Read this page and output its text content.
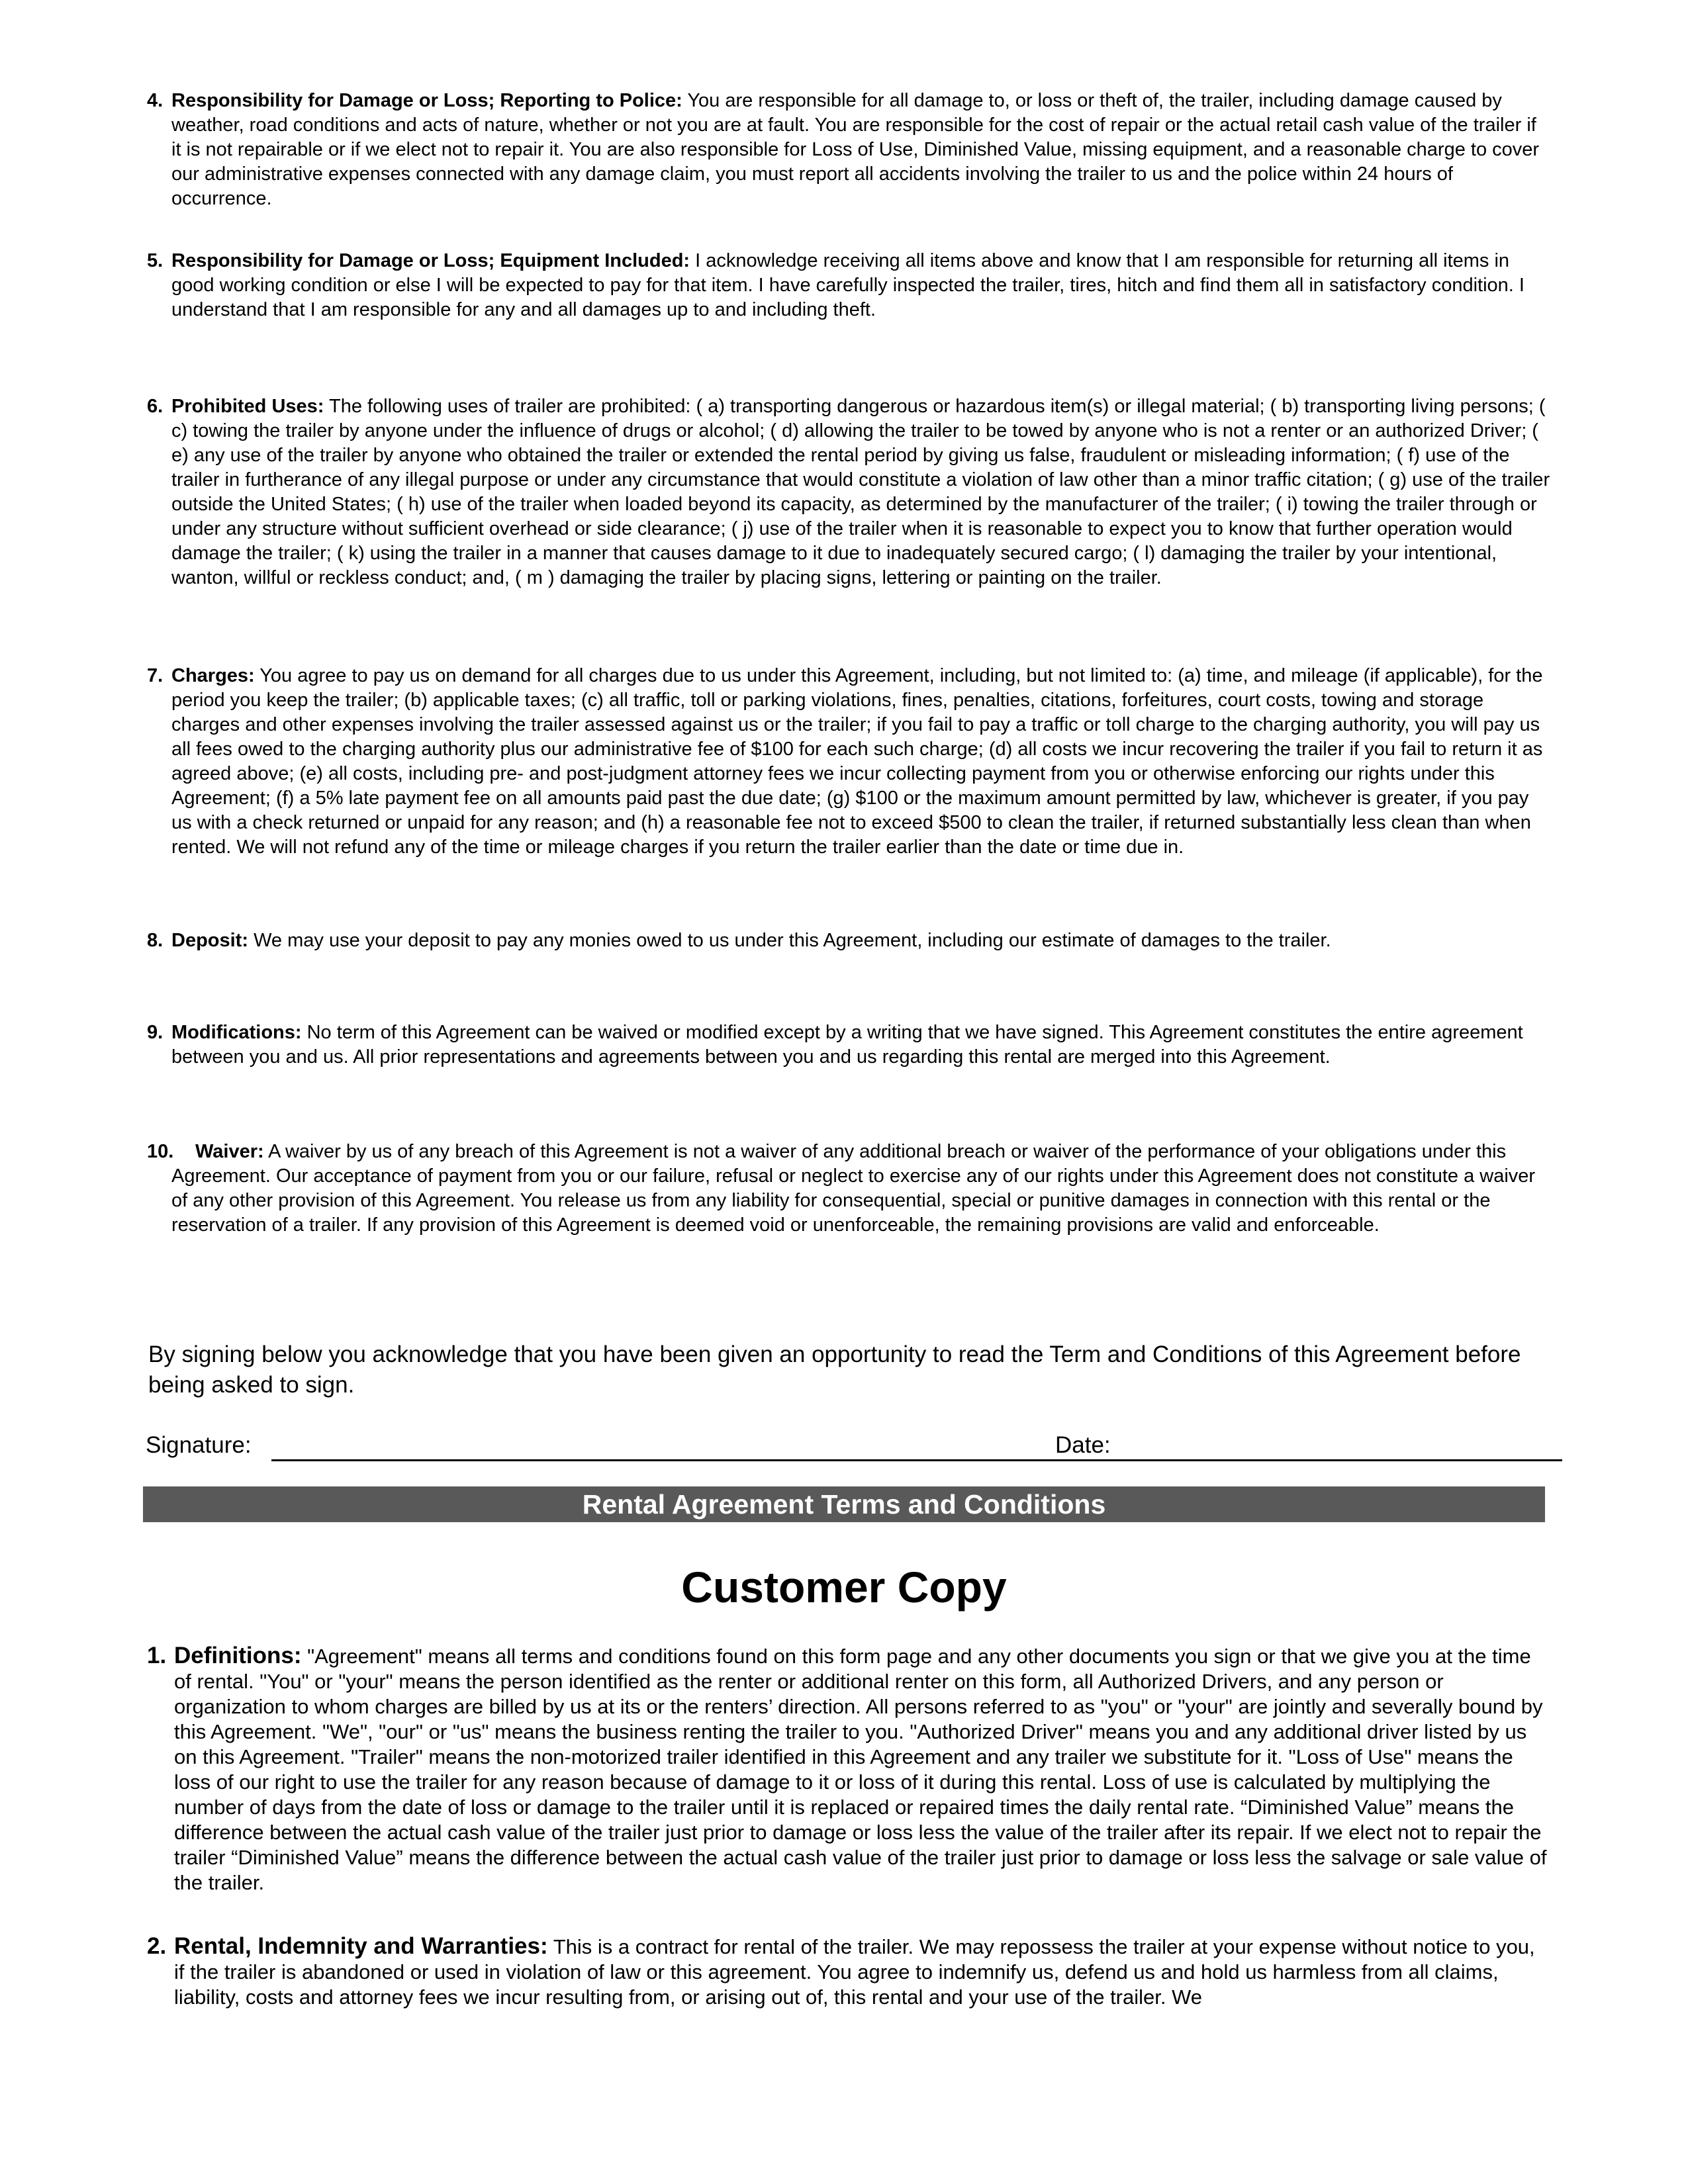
4. Responsibility for Damage or Loss; Reporting to Police: You are responsible for all damage to, or loss or theft of, the trailer, including damage caused by weather, road conditions and acts of nature, whether or not you are at fault. You are responsible for the cost of repair or the actual retail cash value of the trailer if it is not repairable or if we elect not to repair it. You are also responsible for Loss of Use, Diminished Value, missing equipment, and a reasonable charge to cover our administrative expenses connected with any damage claim, you must report all accidents involving the trailer to us and the police within 24 hours of occurrence.
5. Responsibility for Damage or Loss; Equipment Included: I acknowledge receiving all items above and know that I am responsible for returning all items in good working condition or else I will be expected to pay for that item. I have carefully inspected the trailer, tires, hitch and find them all in satisfactory condition. I understand that I am responsible for any and all damages up to and including theft.
6. Prohibited Uses: The following uses of trailer are prohibited: ( a) transporting dangerous or hazardous item(s) or illegal material; ( b) transporting living persons; ( c) towing the trailer by anyone under the influence of drugs or alcohol; ( d) allowing the trailer to be towed by anyone who is not a renter or an authorized Driver; ( e) any use of the trailer by anyone who obtained the trailer or extended the rental period by giving us false, fraudulent or misleading information; ( f) use of the trailer in furtherance of any illegal purpose or under any circumstance that would constitute a violation of law other than a minor traffic citation; ( g) use of the trailer outside the United States; ( h) use of the trailer when loaded beyond its capacity, as determined by the manufacturer of the trailer; ( i) towing the trailer through or under any structure without sufficient overhead or side clearance; ( j) use of the trailer when it is reasonable to expect you to know that further operation would damage the trailer; ( k) using the trailer in a manner that causes damage to it due to inadequately secured cargo; ( l) damaging the trailer by your intentional, wanton, willful or reckless conduct; and, ( m ) damaging the trailer by placing signs, lettering or painting on the trailer.
7. Charges: You agree to pay us on demand for all charges due to us under this Agreement, including, but not limited to: (a) time, and mileage (if applicable), for the period you keep the trailer; (b) applicable taxes; (c) all traffic, toll or parking violations, fines, penalties, citations, forfeitures, court costs, towing and storage charges and other expenses involving the trailer assessed against us or the trailer; if you fail to pay a traffic or toll charge to the charging authority, you will pay us all fees owed to the charging authority plus our administrative fee of $100 for each such charge; (d) all costs we incur recovering the trailer if you fail to return it as agreed above; (e) all costs, including pre- and post-judgment attorney fees we incur collecting payment from you or otherwise enforcing our rights under this Agreement; (f) a 5% late payment fee on all amounts paid past the due date; (g) $100 or the maximum amount permitted by law, whichever is greater, if you pay us with a check returned or unpaid for any reason; and (h) a reasonable fee not to exceed $500 to clean the trailer, if returned substantially less clean than when rented. We will not refund any of the time or mileage charges if you return the trailer earlier than the date or time due in.
8. Deposit: We may use your deposit to pay any monies owed to us under this Agreement, including our estimate of damages to the trailer.
9. Modifications: No term of this Agreement can be waived or modified except by a writing that we have signed. This Agreement constitutes the entire agreement between you and us. All prior representations and agreements between you and us regarding this rental are merged into this Agreement.
10.	Waiver: A waiver by us of any breach of this Agreement is not a waiver of any additional breach or waiver of the performance of your obligations under this Agreement. Our acceptance of payment from you or our failure, refusal or neglect to exercise any of our rights under this Agreement does not constitute a waiver of any other provision of this Agreement. You release us from any liability for consequential, special or punitive damages in connection with this rental or the reservation of a trailer. If any provision of this Agreement is deemed void or unenforceable, the remaining provisions are valid and enforceable.
By signing below you acknowledge that you have been given an opportunity to read the Term and Conditions of this Agreement before being asked to sign.
Signature:	Date:
Rental Agreement Terms and Conditions
Customer Copy
1. Definitions: "Agreement" means all terms and conditions found on this form page and any other documents you sign or that we give you at the time of rental. "You" or "your" means the person identified as the renter or additional renter on this form, all Authorized Drivers, and any person or organization to whom charges are billed by us at its or the renters’ direction. All persons referred to as "you" or "your" are jointly and severally bound by this Agreement. "We", "our" or "us" means the business renting the trailer to you. "Authorized Driver" means you and any additional driver listed by us on this Agreement. "Trailer" means the non-motorized trailer identified in this Agreement and any trailer we substitute for it. "Loss of Use" means the loss of our right to use the trailer for any reason because of damage to it or loss of it during this rental. Loss of use is calculated by multiplying the number of days from the date of loss or damage to the trailer until it is replaced or repaired times the daily rental rate. “Diminished Value” means the difference between the actual cash value of the trailer just prior to damage or loss less the value of the trailer after its repair. If we elect not to repair the trailer “Diminished Value” means the difference between the actual cash value of the trailer just prior to damage or loss less the salvage or sale value of the trailer.
2. Rental, Indemnity and Warranties: This is a contract for rental of the trailer. We may repossess the trailer at your expense without notice to you, if the trailer is abandoned or used in violation of law or this agreement. You agree to indemnify us, defend us and hold us harmless from all claims, liability, costs and attorney fees we incur resulting from, or arising out of, this rental and your use of the trailer. We
